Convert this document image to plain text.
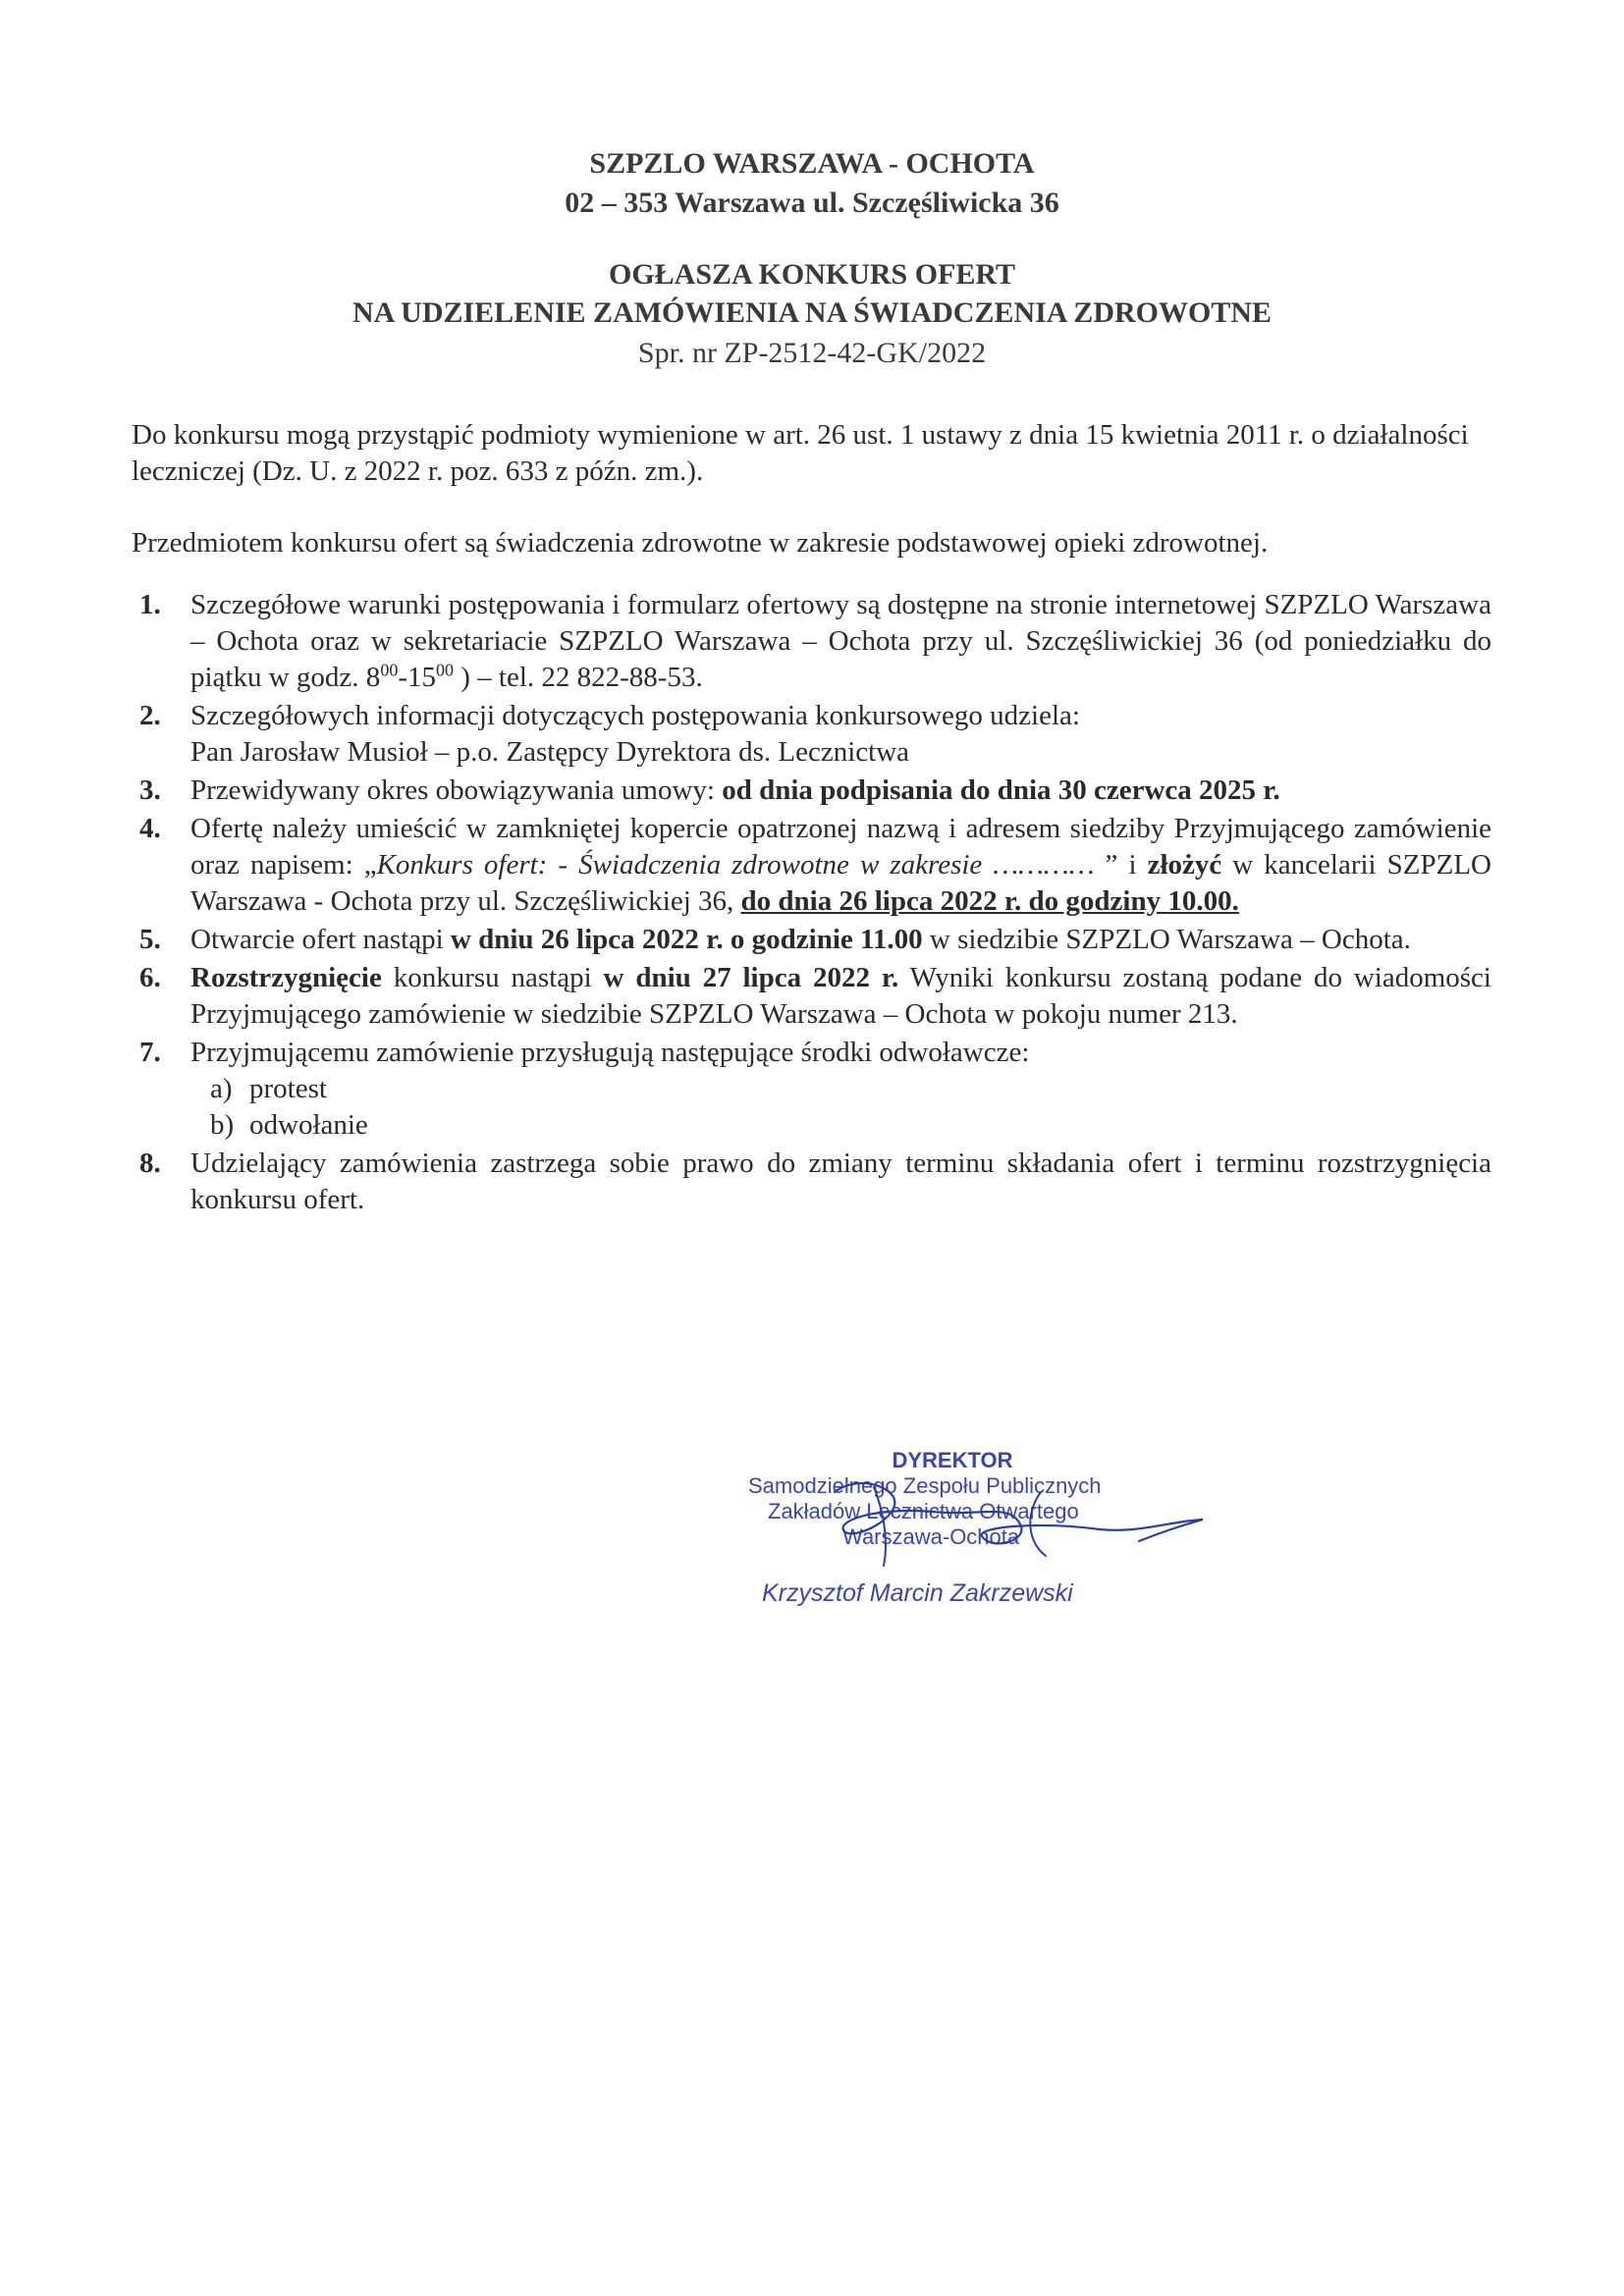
SZPZLO WARSZAWA - OCHOTA
02 – 353 Warszawa ul. Szczęśliwicka 36
OGŁASZA KONKURS OFERT
NA UDZIELENIE ZAMÓWIENIA NA ŚWIADCZENIA ZDROWOTNE
Spr. nr ZP-2512-42-GK/2022
Do konkursu mogą przystąpić podmioty wymienione w art. 26 ust. 1 ustawy z dnia 15 kwietnia 2011 r. o działalności leczniczej (Dz. U. z 2022 r. poz. 633 z późn. zm.).
Przedmiotem konkursu ofert są świadczenia zdrowotne w zakresie podstawowej opieki zdrowotnej.
1. Szczegółowe warunki postępowania i formularz ofertowy są dostępne na stronie internetowej SZPZLO Warszawa – Ochota oraz w sekretariacie SZPZLO Warszawa – Ochota przy ul. Szczęśliwickiej 36 (od poniedziałku do piątku w godz. $8^{00}-15^{00}$ ) – tel. 22 822-88-53.
2. Szczegółowych informacji dotyczących postępowania konkursowego udziela:
Pan Jarosław Musioł – p.o. Zastępcy Dyrektora ds. Lecznictwa
3. Przewidywany okres obowiązywania umowy: od dnia podpisania do dnia 30 czerwca 2025 r.
4. Ofertę należy umieścić w zamkniętej kopercie opatrzonej nazwą i adresem siedziby Przyjmującego zamówienie oraz napisem: „Konkurs ofert: - Świadczenia zdrowotne w zakresie ………… ” i złożyć w kancelarii SZPZLO Warszawa - Ochota przy ul. Szczęśliwickiej 36, do dnia 26 lipca 2022 r. do godziny 10.00.
5. Otwarcie ofert nastąpi w dniu 26 lipca 2022 r. o godzinie 11.00 w siedzibie SZPZLO Warszawa – Ochota.
6. Rozstrzygnięcie konkursu nastąpi w dniu 27 lipca 2022 r. Wyniki konkursu zostaną podane do wiadomości Przyjmującego zamówienie w siedzibie SZPZLO Warszawa – Ochota w pokoju numer 213.
7. Przyjmującemu zamówienie przysługują następujące środki odwoławcze:
a) protest
b) odwołanie
8. Udzielający zamówienia zastrzega sobie prawo do zmiany terminu składania ofert i terminu rozstrzygnięcia konkursu ofert.
DYREKTOR
Samodzielnego Zespołu Publicznych
Zakładów Lecznictwa Otwartego
Warszawa-Ochota
Krzysztof Marcin Zakrzewski
